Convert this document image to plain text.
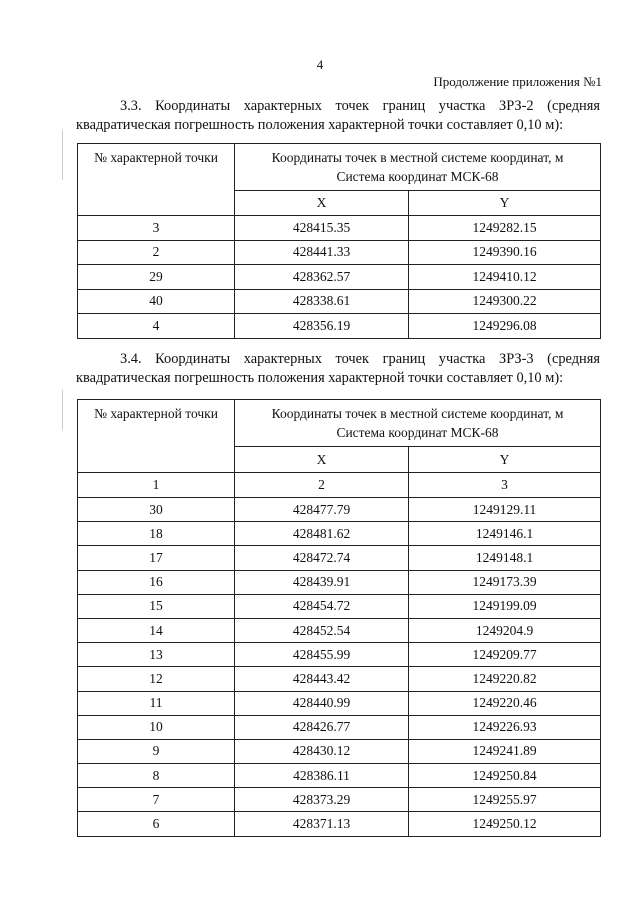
4
Продолжение приложения №1
3.3. Координаты характерных точек границ участка ЗРЗ-2 (средняя
квадратическая погрешность положения характерной точки составляет 0,10 м):
№ характерной точки	Координаты точек в местной системе координат, м
Система координат МСК-68	

	X	Y
3	428415.35	1249282.15
2	428441.33	1249390.16
29	428362.57	1249410.12
40	428338.61	1249300.22
4	428356.19	1249296.08
3.4. Координаты характерных точек границ участка ЗРЗ-3 (средняя
квадратическая погрешность положения характерной точки составляет 0,10 м):
№ характерной точки	Координаты точек в местной системе координат, м
Система координат МСК-68	

	X	Y
1	2	3
30	428477.79	1249129.11
18	428481.62	1249146.1
17	428472.74	1249148.1
16	428439.91	1249173.39
15	428454.72	1249199.09
14	428452.54	1249204.9
13	428455.99	1249209.77
12	428443.42	1249220.82
11	428440.99	1249220.46
10	428426.77	1249226.93
9	428430.12	1249241.89
8	428386.11	1249250.84
7	428373.29	1249255.97
6	428371.13	1249250.12
